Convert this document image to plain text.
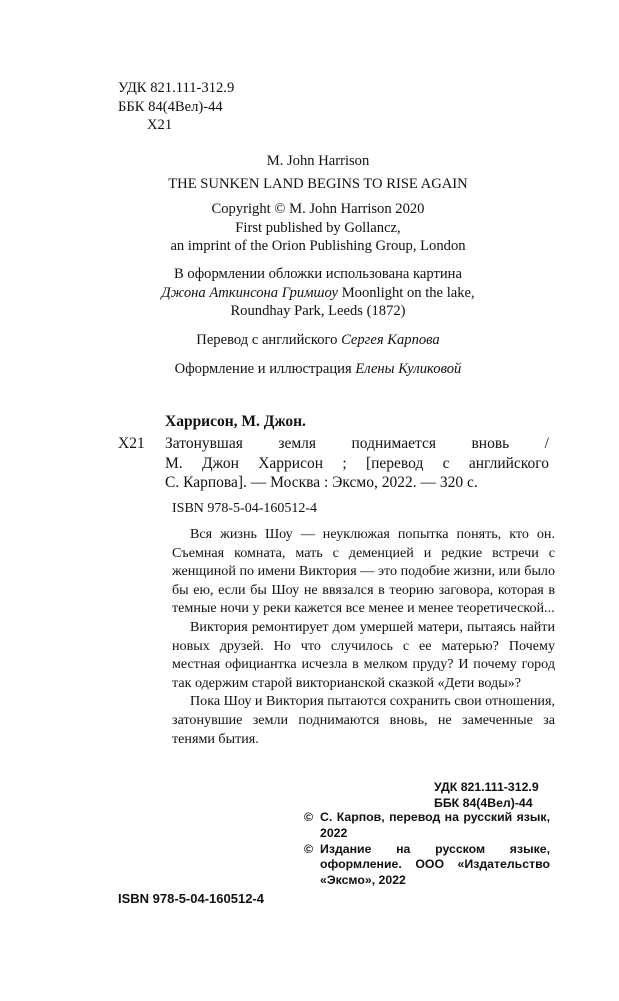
УДК 821.111-312.9
ББК 84(4Вел)-44
Х21
M. John Harrison
THE SUNKEN LAND BEGINS TO RISE AGAIN
Copyright © M. John Harrison 2020
First published by Gollancz,
an imprint of the Orion Publishing Group, London
В оформлении обложки использована картина
Джона Аткинсона Гримшоу Moonlight on the lake,
Roundhay Park, Leeds (1872)
Перевод с английского Сергея Карпова
Оформление и иллюстрация Елены Куликовой
Харрисон, М. Джон.
Х21 Затонувшая земля поднимается вновь /
М. Джон Харрисон ; [перевод с английского
С. Карпова]. — Москва : Эксмо, 2022. — 320 с.
ISBN 978-5-04-160512-4

Вся жизнь Шоу — неуклюжая попытка понять, кто он. Съемная комната, мать с деменцией и редкие встречи с женщиной по имени Виктория — это подобие жизни, или было бы ею, если бы Шоу не ввязался в теорию заговора, которая в темные ночи у реки кажется все менее и менее теоретической...

Виктория ремонтирует дом умершей матери, пытаясь найти новых друзей. Но что случилось с ее матерью? Почему местная официантка исчезла в мелком пруду? И почему город так одержим старой викторианской сказкой «Дети воды»?

Пока Шоу и Виктория пытаются сохранить свои отношения, затонувшие земли поднимаются вновь, не замеченные за тенями бытия.

УДК 821.111-312.9
ББК 84(4Вел)-44
© С. Карпов, перевод на русский язык, 2022
© Издание на русском языке, оформление. ООО «Издательство «Эксмо», 2022
ISBN 978-5-04-160512-4
